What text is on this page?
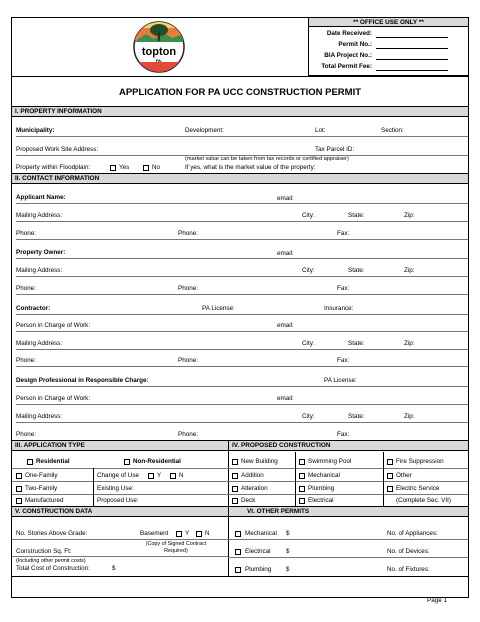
topton
PA.
** OFFICE USE ONLY **
Date Received:
Permit No.:
BIA Project No.:
Total Permit Fee:
APPLICATION FOR PA UCC CONSTRUCTION PERMIT
I. PROPERTY INFORMATION
Municipality:	Development:	Lot:	Section:
Proposed Work Site Address:	Tax Parcel ID:
(market value can be taken from tax records or certified appraiser)
Property within Floodplain:	Yes	No	If yes, what is the market value of the property:
II. CONTACT INFORMATION
Applicant Name:	email:
Mailing Address:	City:	State:	Zip:
Phone:	Phone:	Fax:
Property Owner:	email:
Mailing Address:	City:	State:	Zip:
Phone:	Phone:	Fax:
Contractor:	PA License:	Insurance:
Person in Charge of Work:	email:
Mailing Address:	City:	State:	Zip:
Phone:	Phone:	Fax:
Design Professional in Responsible Charge:	PA License:
Person in Charge of Work:	email:
Mailing Address:	City:	State:	Zip:
Phone:	Phone:	Fax:
III. APPLICATION TYPE	IV. PROPOSED CONSTRUCTION
Residential	Non-Residential
One-Family	Change of Use	Y	N
Two-Family	Existing Use:
Manufactured	Proposed Use:
New Building	Swimming Pool	Fire Suppression
Addition	Mechanical	Other
Alteration	Plumbing	Electric Service
Deck	Electrical	(Complete Sec. VII)
V. CONSTRUCTION DATA	VI. OTHER PERMITS
No. Stories Above Grade:	Basement	Y	N
(Copy of Signed Contract Required)
Construction Sq. Ft:
(Including other permit costs)
Total Cost of Construction:	$
Mechanical $	No. of Appliances:
Electrical $	No. of Devices:
Plumbing $	No. of Fixtures:
Page 1
